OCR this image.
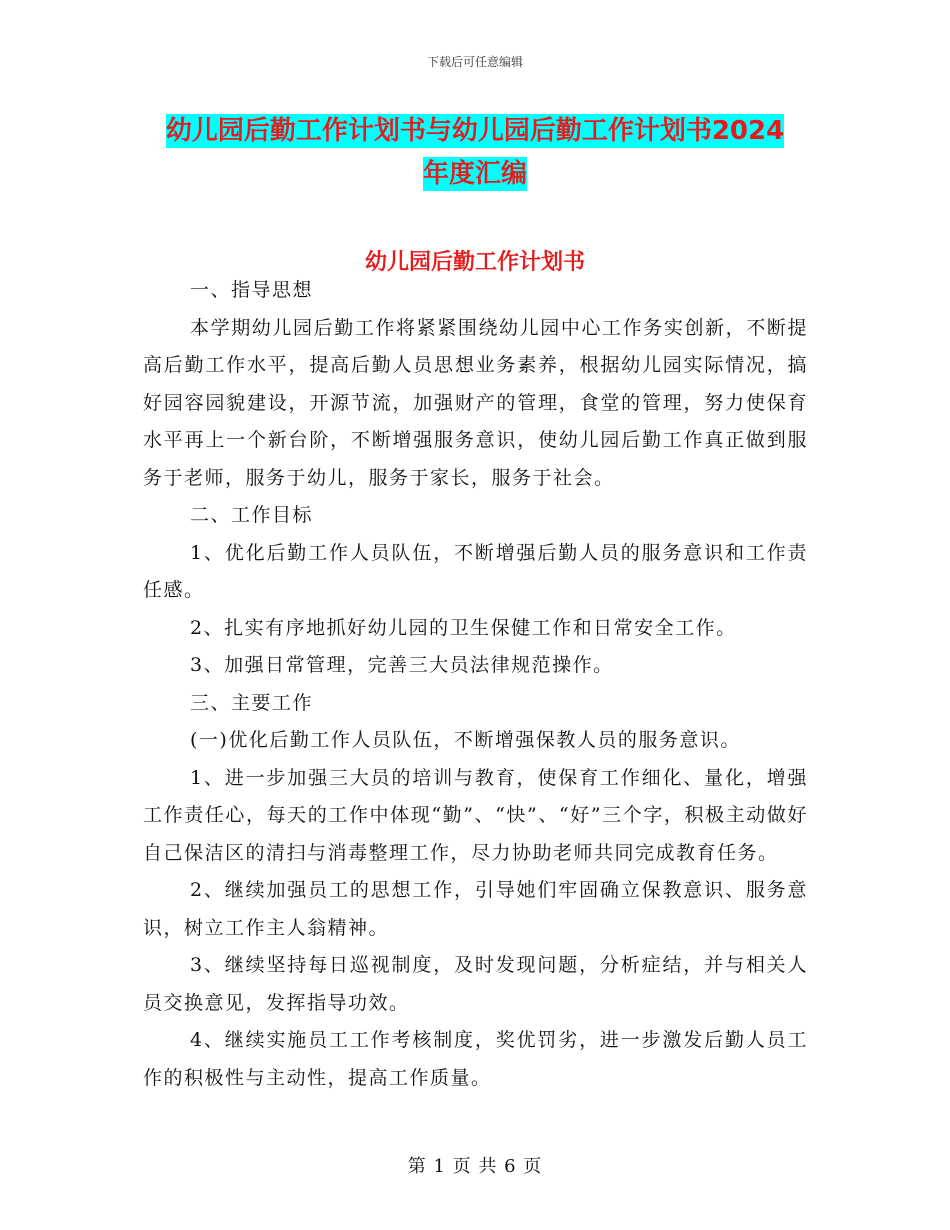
下载后可任意编辑
幼儿园后勤工作计划书与幼儿园后勤工作计划书2024
年度汇编
幼儿园后勤工作计划书

一、指导思想

本学期幼儿园后勤工作将紧紧围绕幼儿园中心工作务实创新，不断提高后勤工作水平，提高后勤人员思想业务素养，根据幼儿园实际情况，搞好园容园貌建设，开源节流，加强财产的管理，食堂的管理，努力使保育水平再上一个新台阶，不断增强服务意识，使幼儿园后勤工作真正做到服务于老师，服务于幼儿，服务于家长，服务于社会。

二、工作目标

1、优化后勤工作人员队伍，不断增强后勤人员的服务意识和工作责任感。

2、扎实有序地抓好幼儿园的卫生保健工作和日常安全工作。

3、加强日常管理，完善三大员法律规范操作。

三、主要工作

(一)优化后勤工作人员队伍，不断增强保教人员的服务意识。

1、进一步加强三大员的培训与教育，使保育工作细化、量化，增强工作责任心，每天的工作中体现“勤”、“快”、“好”三个字，积极主动做好自己保洁区的清扫与消毒整理工作，尽力协助老师共同完成教育任务。

2、继续加强员工的思想工作，引导她们牢固确立保教意识、服务意识，树立工作主人翁精神。

3、继续坚持每日巡视制度，及时发现问题，分析症结，并与相关人员交换意见，发挥指导功效。

4、继续实施员工工作考核制度，奖优罚劣，进一步激发后勤人员工作的积极性与主动性，提高工作质量。

第 1 页 共 6 页
